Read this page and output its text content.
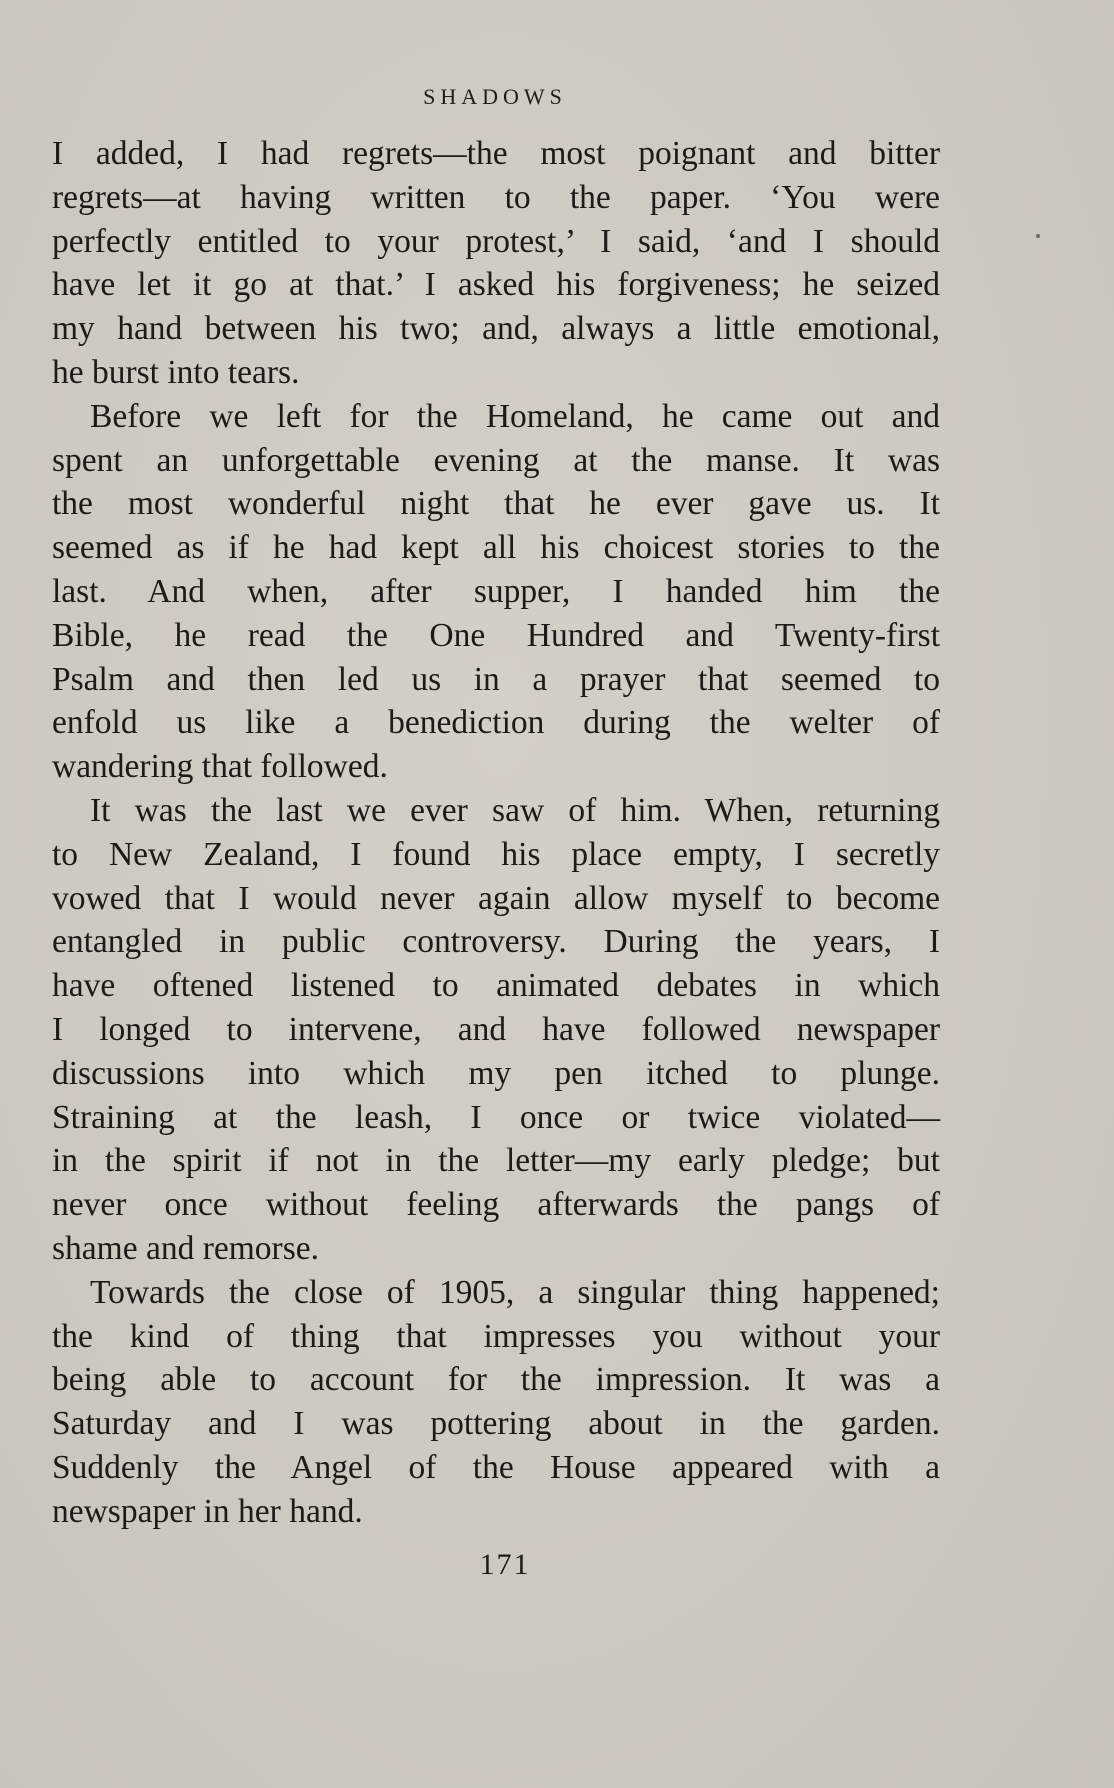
SHADOWS

I added, I had regrets—the most poignant and bitter
regrets—at having written to the paper. ‘You were
perfectly entitled to your protest,’ I said, ‘and I should
have let it go at that.’ I asked his forgiveness; he seized
my hand between his two; and, always a little emotional,
he burst into tears.

Before we left for the Homeland, he came out and
spent an unforgettable evening at the manse. It was
the most wonderful night that he ever gave us. It
seemed as if he had kept all his choicest stories to the
last. And when, after supper, I handed him the
Bible, he read the One Hundred and Twenty-first
Psalm and then led us in a prayer that seemed to
enfold us like a benediction during the welter of
wandering that followed.

It was the last we ever saw of him. When, returning
to New Zealand, I found his place empty, I secretly
vowed that I would never again allow myself to become
entangled in public controversy. During the years, I
have oftened listened to animated debates in which
I longed to intervene, and have followed newspaper
discussions into which my pen itched to plunge.
Straining at the leash, I once or twice violated—
in the spirit if not in the letter—my early pledge; but
never once without feeling afterwards the pangs of
shame and remorse.

Towards the close of 1905, a singular thing happened;
the kind of thing that impresses you without your
being able to account for the impression. It was a
Saturday and I was pottering about in the garden.
Suddenly the Angel of the House appeared with a
newspaper in her hand.

171
